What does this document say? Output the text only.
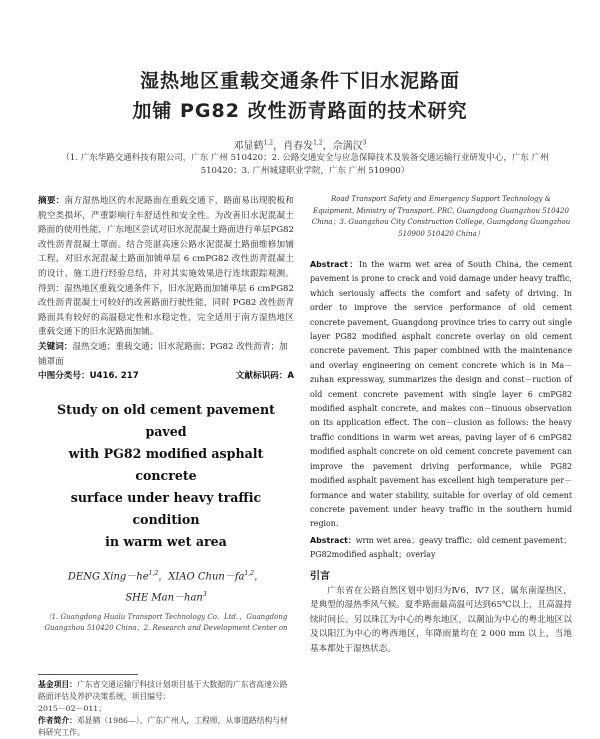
湿热地区重载交通条件下旧水泥路面
加铺 PG82 改性沥青路面的技术研究
邓显鹤$^{1,2}$，肖春发$^{1,2}$，佘满汉$^3$
（1. 广东华路交通科技有限公司，广东 广州 510420；2. 公路交通安全与应急保障技术及装备交通运输行业研发中心，广东 广州 510420；3. 广州城建职业学院，广东 广州 510900）

摘要：南方湿热地区的水泥路面在重载交通下，路面易出现脱板和脱空类损坏，严重影响行车舒适性和安全性。为改善旧水泥混凝土路面的使用性能，广东地区尝试对旧水泥混凝土路面进行单层PG82改性沥青混凝土罩面。结合莞湛高速公路水泥混凝土路面维修加铺工程，对旧水泥混凝土路面加铺单层 6 cmPG82 改性沥青混凝土的设计、施工进行经验总结，并对其实施效果进行连续跟踪观测。得到：湿热地区重载交通条件下，旧水泥路面加铺单层 6 cmPG82 改性沥青混凝土可较好的改善路面行驶性能，同时 PG82 改性沥青路面具有较好的高温稳定性和水稳定性，完全适用于南方湿热地区重载交通下的旧水泥路面加铺。

关键词：湿热交通；重载交通；旧水泥路面；PG82 改性沥青；加铺罩面

中图分类号：U416. 217	文献标识码：A
Study on old cement pavement paved
with PG82 modified asphalt concrete
surface under heavy traffic condition
in warm wet area
DENG Xing－he$^{1,2}$，XIAO Chun－fa$^{1,2}$，
SHE Man－han$^3$
（1. Guangdong Hualu Transport Technology Co．Ltd．，Guangdong Guangzhou 510420 China；2. Research and Development Center on
基金项目：广东省交通运输厅科技计划项目基于大数据的广东省高速公路路面评估及养护决策系统，项目编号：
2015－02－011；
作者简介：邓显鹤（1986—），广东广州人，工程师，从事道路结构与材料研究工作。
Road Transport Safety and Emergency Support Technology & Equipment, Ministry of Transport, PRC, Guangdong Guangzhou 510420 China；3. Guangzhou City Construction College, Guangdong Guangzhou 510900 510420 China）

Abstract：In the warm wet area of South China, the cement pavement is prone to crack and void damage under heavy traffic, which seriously affects the comfort and safety of driving. In order to improve the service performance of old cement concrete pavement, Guangdong province tries to carry out single layer PG82 modified asphalt concrete overlay on old cement concrete pavement. This paper combined with the maintenance and overlay engineering on cement concrete which is in Ma－zuhan expressway, summarizes the design and const－ruction of old cement concrete pavement with single layer 6 cmPG82 modified asphalt concrete, and makes con－tinuous observation on its application effect. The con－clusion as follows: the heavy traffic conditions in warm wet areas, paving layer of 6 cmPG82 modified asphalt concrete on old cement concrete pavement can improve the pavement driving performance, while PG82 modified asphalt pavement has excellent high temperature per－formance and water stability, suitable for overlay of old cement concrete pavement under heavy traffic in the southern humid region.

Abstract：wrm wet area；geavy traffic；old cement pavement；PG82modified asphalt；overlay

引言

广东省在公路自然区划中划归为Ⅳ6，Ⅳ7 区，属东南湿热区，是典型的湿热季风气候。夏季路面最高温可达到65℃以上，且高温持续时间长。另以珠江为中心的粤东地区，以潮汕为中心的粤北地区以及以阳江为中心的粤西地区，年降雨量均在 2 000 mm 以上，当地基本都处于湿热状态。
